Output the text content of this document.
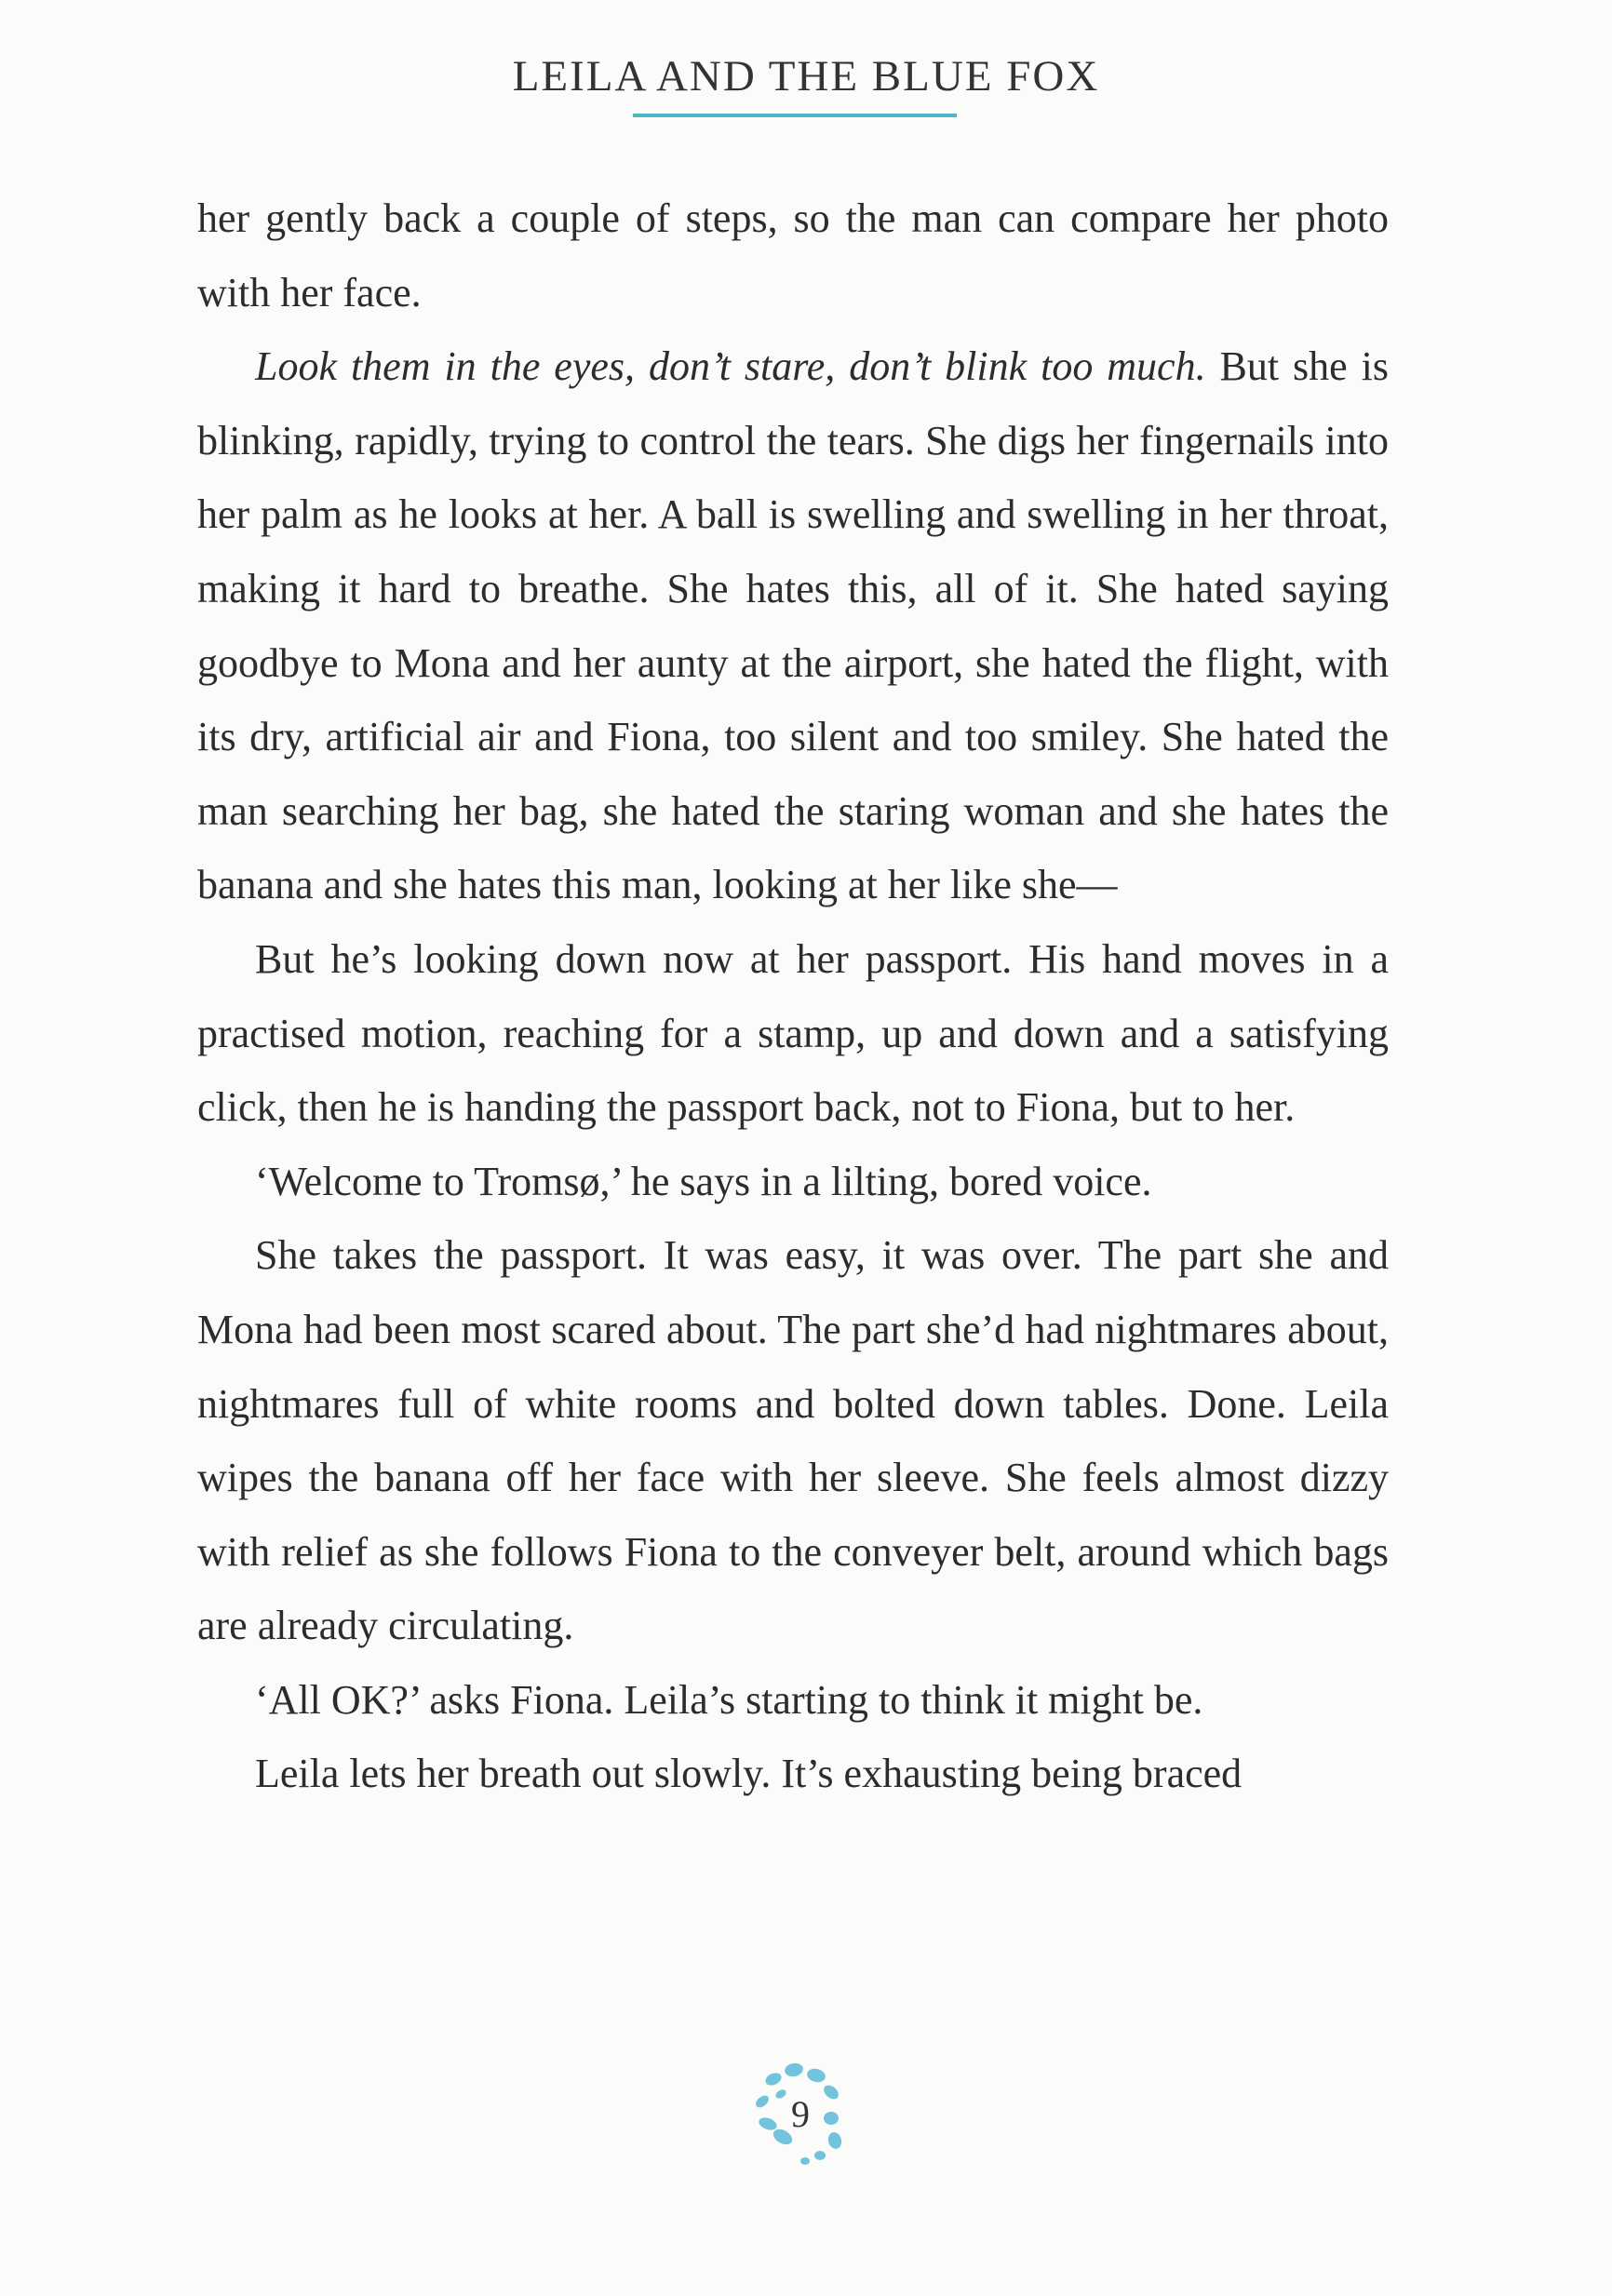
LEILA AND THE BLUE FOX

her gently back a couple of steps, so the man can compare her photo with her face.

Look them in the eyes, don’t stare, don’t blink too much. But she is blinking, rapidly, trying to control the tears. She digs her fingernails into her palm as he looks at her. A ball is swelling and swelling in her throat, making it hard to breathe. She hates this, all of it. She hated saying goodbye to Mona and her aunty at the airport, she hated the flight, with its dry, artificial air and Fiona, too silent and too smiley. She hated the man searching her bag, she hated the staring woman and she hates the banana and she hates this man, looking at her like she—

But he’s looking down now at her passport. His hand moves in a practised motion, reaching for a stamp, up and down and a satisfying click, then he is handing the passport back, not to Fiona, but to her.

‘Welcome to Tromsø,’ he says in a lilting, bored voice.

She takes the passport. It was easy, it was over. The part she and Mona had been most scared about. The part she’d had nightmares about, nightmares full of white rooms and bolted down tables. Done. Leila wipes the banana off her face with her sleeve. She feels almost dizzy with relief as she follows Fiona to the conveyer belt, around which bags are already circulating.

‘All OK?’ asks Fiona. Leila’s starting to think it might be.

Leila lets her breath out slowly. It’s exhausting being braced

9
